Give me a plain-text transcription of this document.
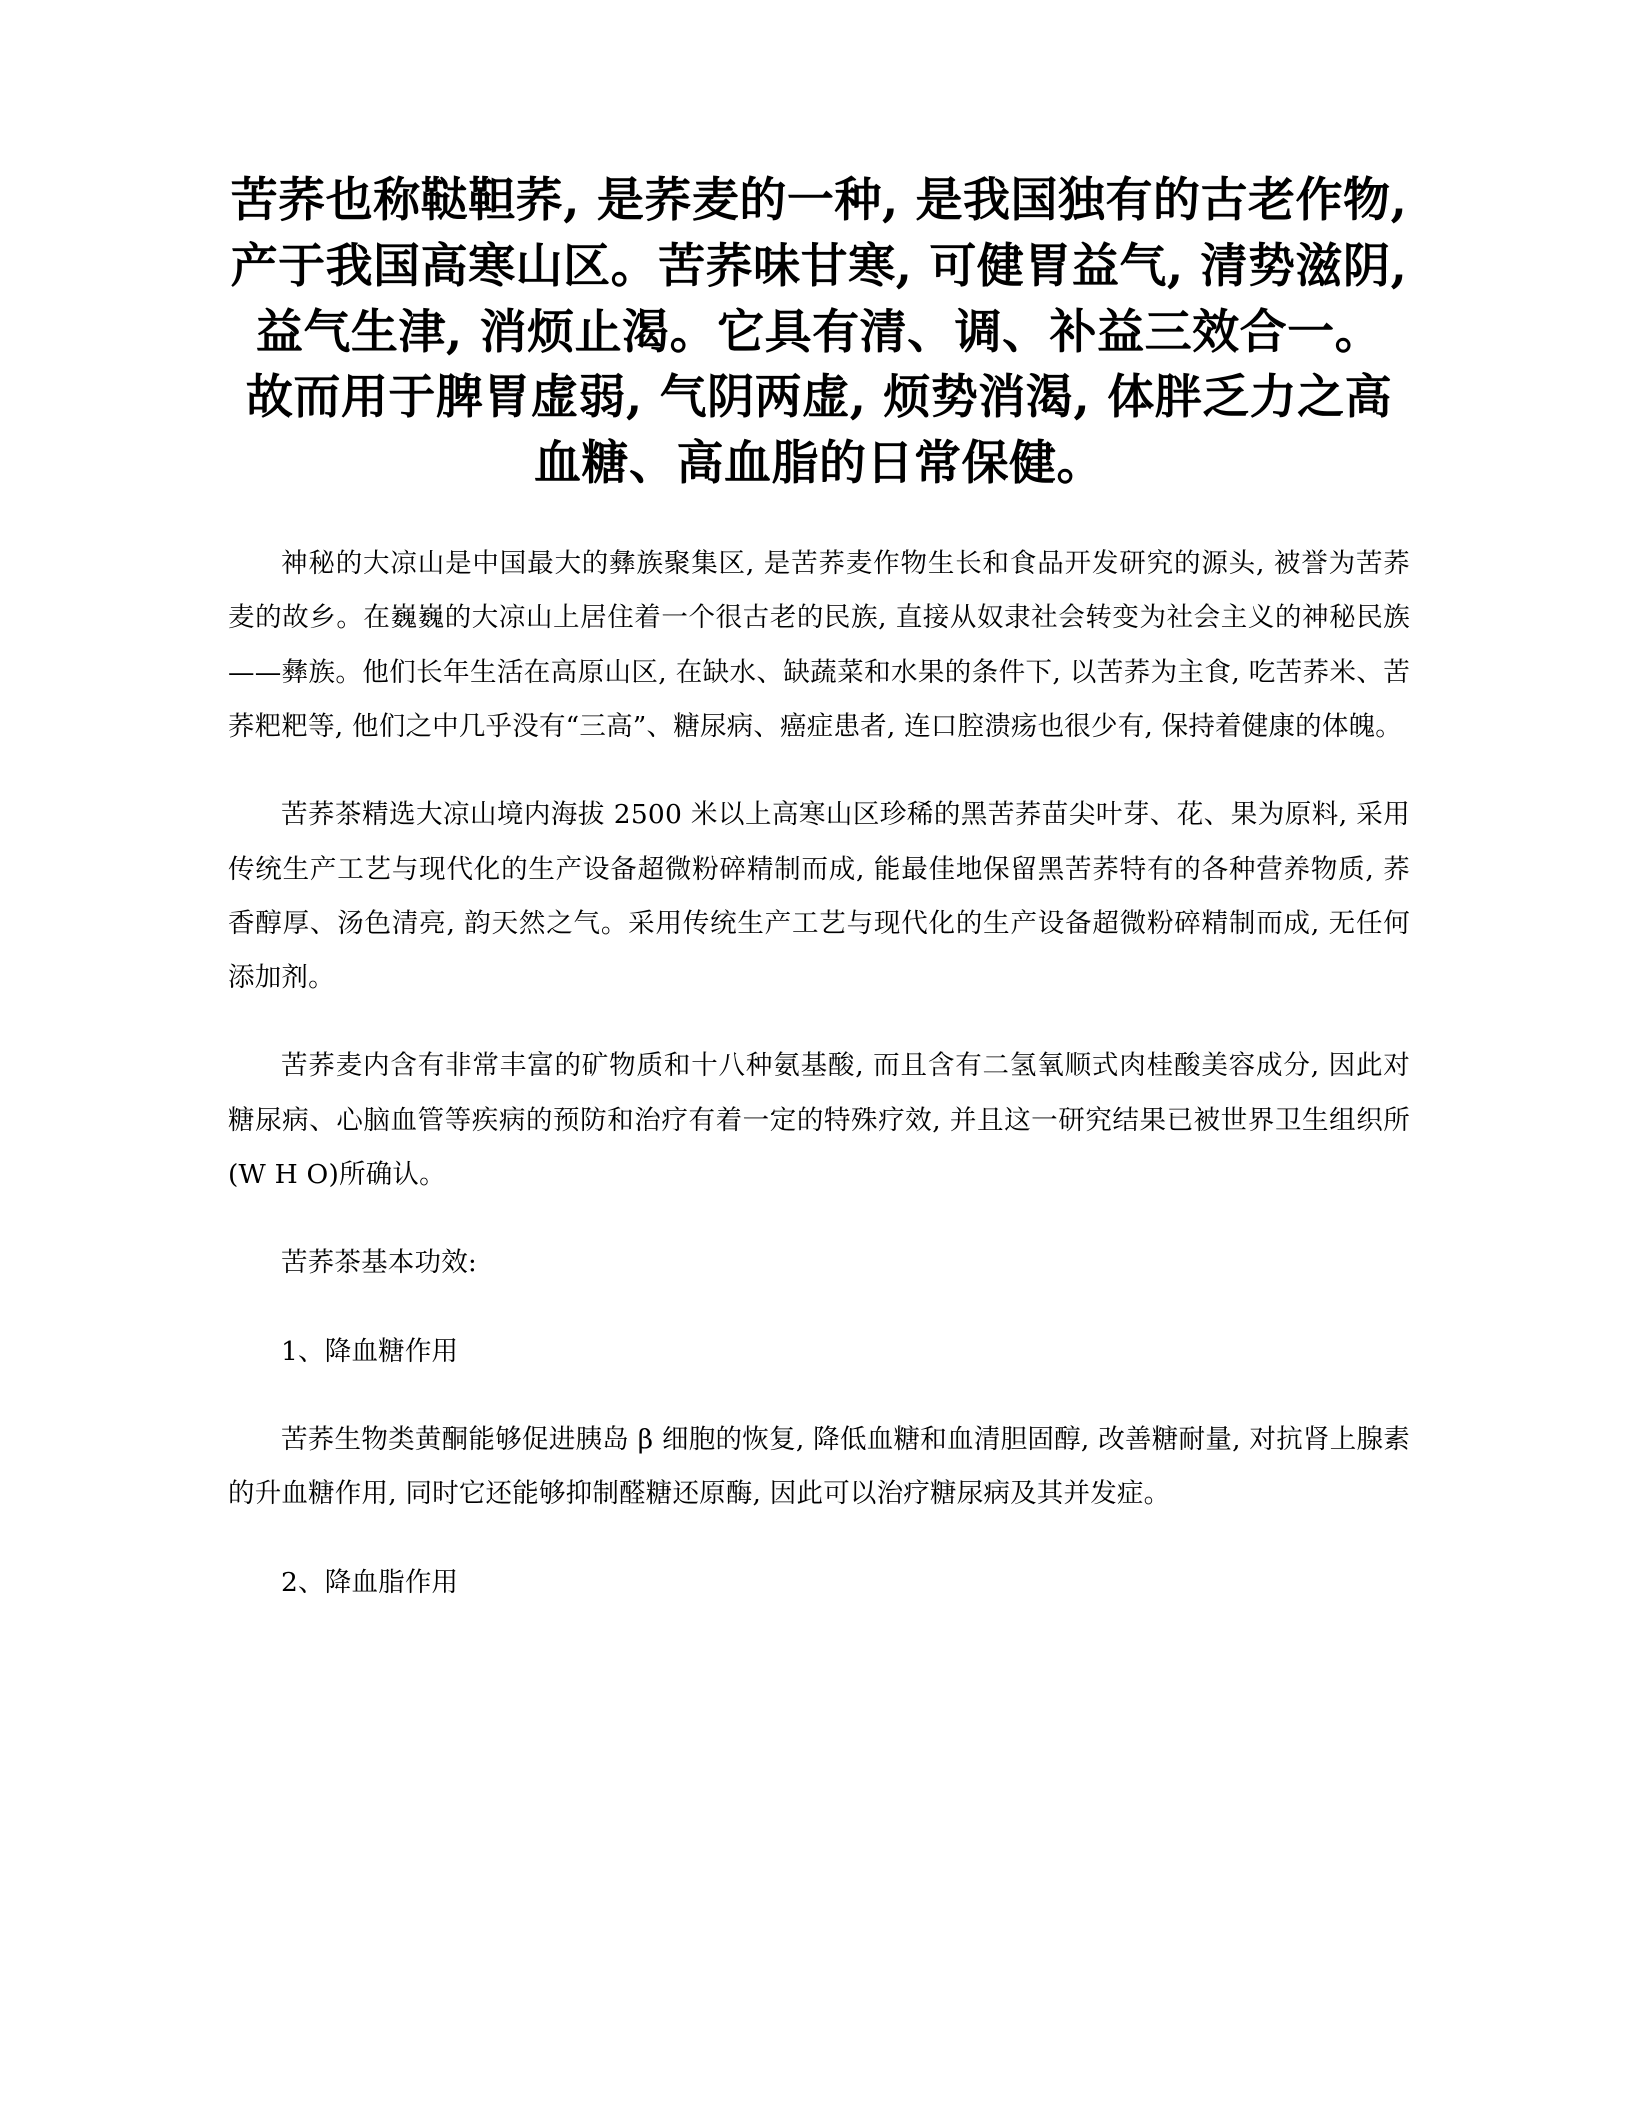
苦荞也称鞑靼荞, 是荞麦的一种, 是我国独有的古老作物, 产于我国高寒山区。苦荞味甘寒, 可健胃益气, 清势滋阴, 益气生津, 消烦止渴。它具有清、调、补益三效合一。 故而用于脾胃虚弱, 气阴两虚, 烦势消渴, 体胖乏力之高血糖、高血脂的日常保健。

神秘的大凉山是中国最大的彝族聚集区, 是苦荞麦作物生长和食品开发研究的源头, 被誉为苦荞麦的故乡。在巍巍的大凉山上居住着一个很古老的民族, 直接从奴隶社会转变为社会主义的神秘民族——彝族。他们长年生活在高原山区, 在缺水、缺蔬菜和水果的条件下, 以苦荞为主食, 吃苦荞米、苦荞粑粑等, 他们之中几乎没有“三高”、糖尿病、癌症患者, 连口腔溃疡也很少有, 保持着健康的体魄。

苦荞茶精选大凉山境内海拔 2500 米以上高寒山区珍稀的黑苦荞苗尖叶芽、花、果为原料, 采用传统生产工艺与现代化的生产设备超微粉碎精制而成, 能最佳地保留黑苦荞特有的各种营养物质, 荞香醇厚、汤色清亮, 韵天然之气。采用传统生产工艺与现代化的生产设备超微粉碎精制而成, 无任何添加剂。

苦荞麦内含有非常丰富的矿物质和十八种氨基酸, 而且含有二氢氧顺式肉桂酸美容成分, 因此对糖尿病、心脑血管等疾病的预防和治疗有着一定的特殊疗效, 并且这一研究结果已被世界卫生组织所(W H O)所确认。

苦荞茶基本功效:

1、降血糖作用

苦荞生物类黄酮能够促进胰岛 β 细胞的恢复, 降低血糖和血清胆固醇, 改善糖耐量, 对抗肾上腺素的升血糖作用, 同时它还能够抑制醛糖还原酶, 因此可以治疗糖尿病及其并发症。

2、降血脂作用
